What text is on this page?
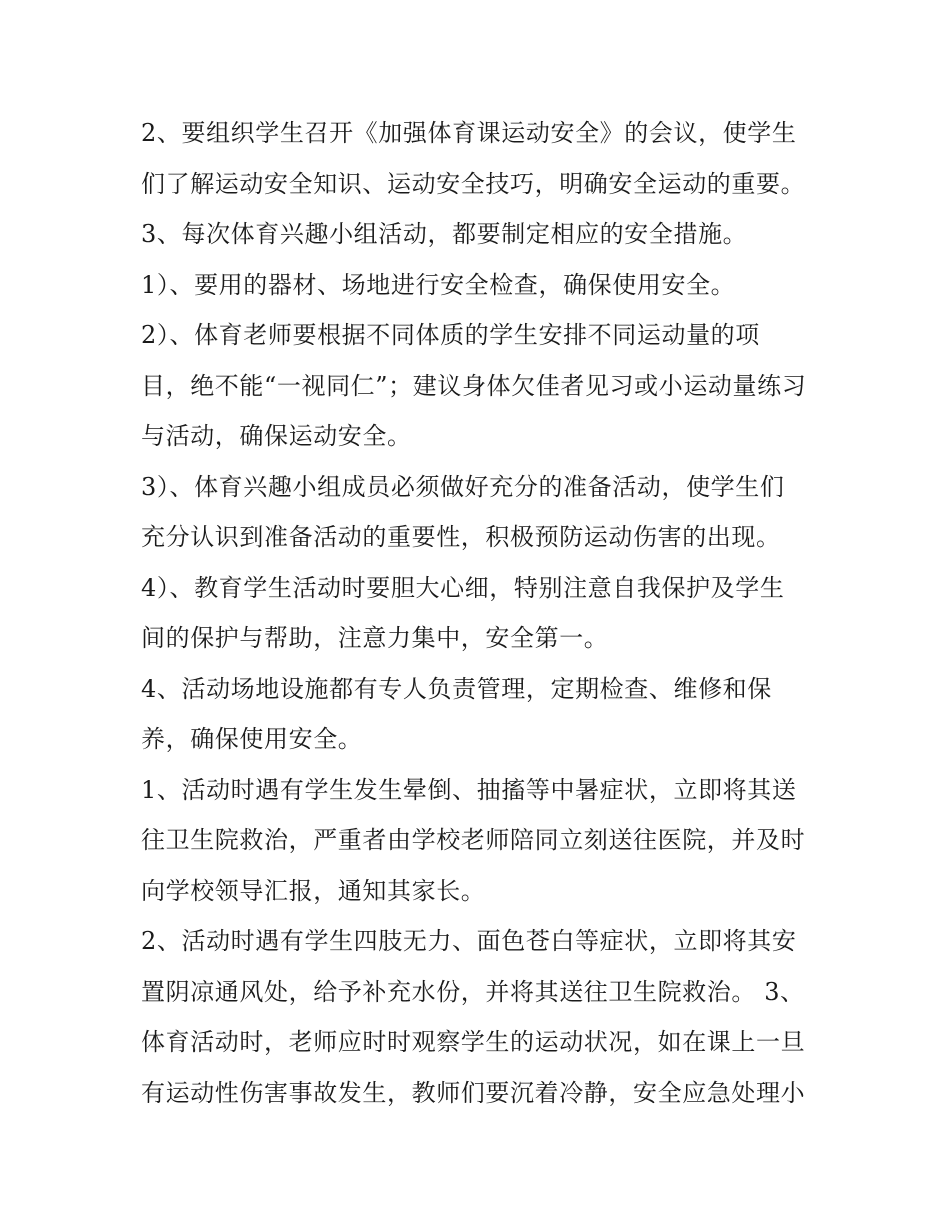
2、要组织学生召开《加强体育课运动安全》的会议，使学生
们了解运动安全知识、运动安全技巧，明确安全运动的重要。
3、每次体育兴趣小组活动，都要制定相应的安全措施。
1）、要用的器材、场地进行安全检查，确保使用安全。
2）、体育老师要根据不同体质的学生安排不同运动量的项
目，绝不能“一视同仁”；建议身体欠佳者见习或小运动量练习
与活动，确保运动安全。
3）、体育兴趣小组成员必须做好充分的准备活动，使学生们
充分认识到准备活动的重要性，积极预防运动伤害的出现。
4）、教育学生活动时要胆大心细，特别注意自我保护及学生
间的保护与帮助，注意力集中，安全第一。
4、活动场地设施都有专人负责管理，定期检查、维修和保
养，确保使用安全。
1、活动时遇有学生发生晕倒、抽搐等中暑症状，立即将其送
往卫生院救治，严重者由学校老师陪同立刻送往医院，并及时
向学校领导汇报，通知其家长。
2、活动时遇有学生四肢无力、面色苍白等症状，立即将其安
置阴凉通风处，给予补充水份，并将其送往卫生院救治。 3、
体育活动时，老师应时时观察学生的运动状况，如在课上一旦
有运动性伤害事故发生，教师们要沉着冷静，安全应急处理小
